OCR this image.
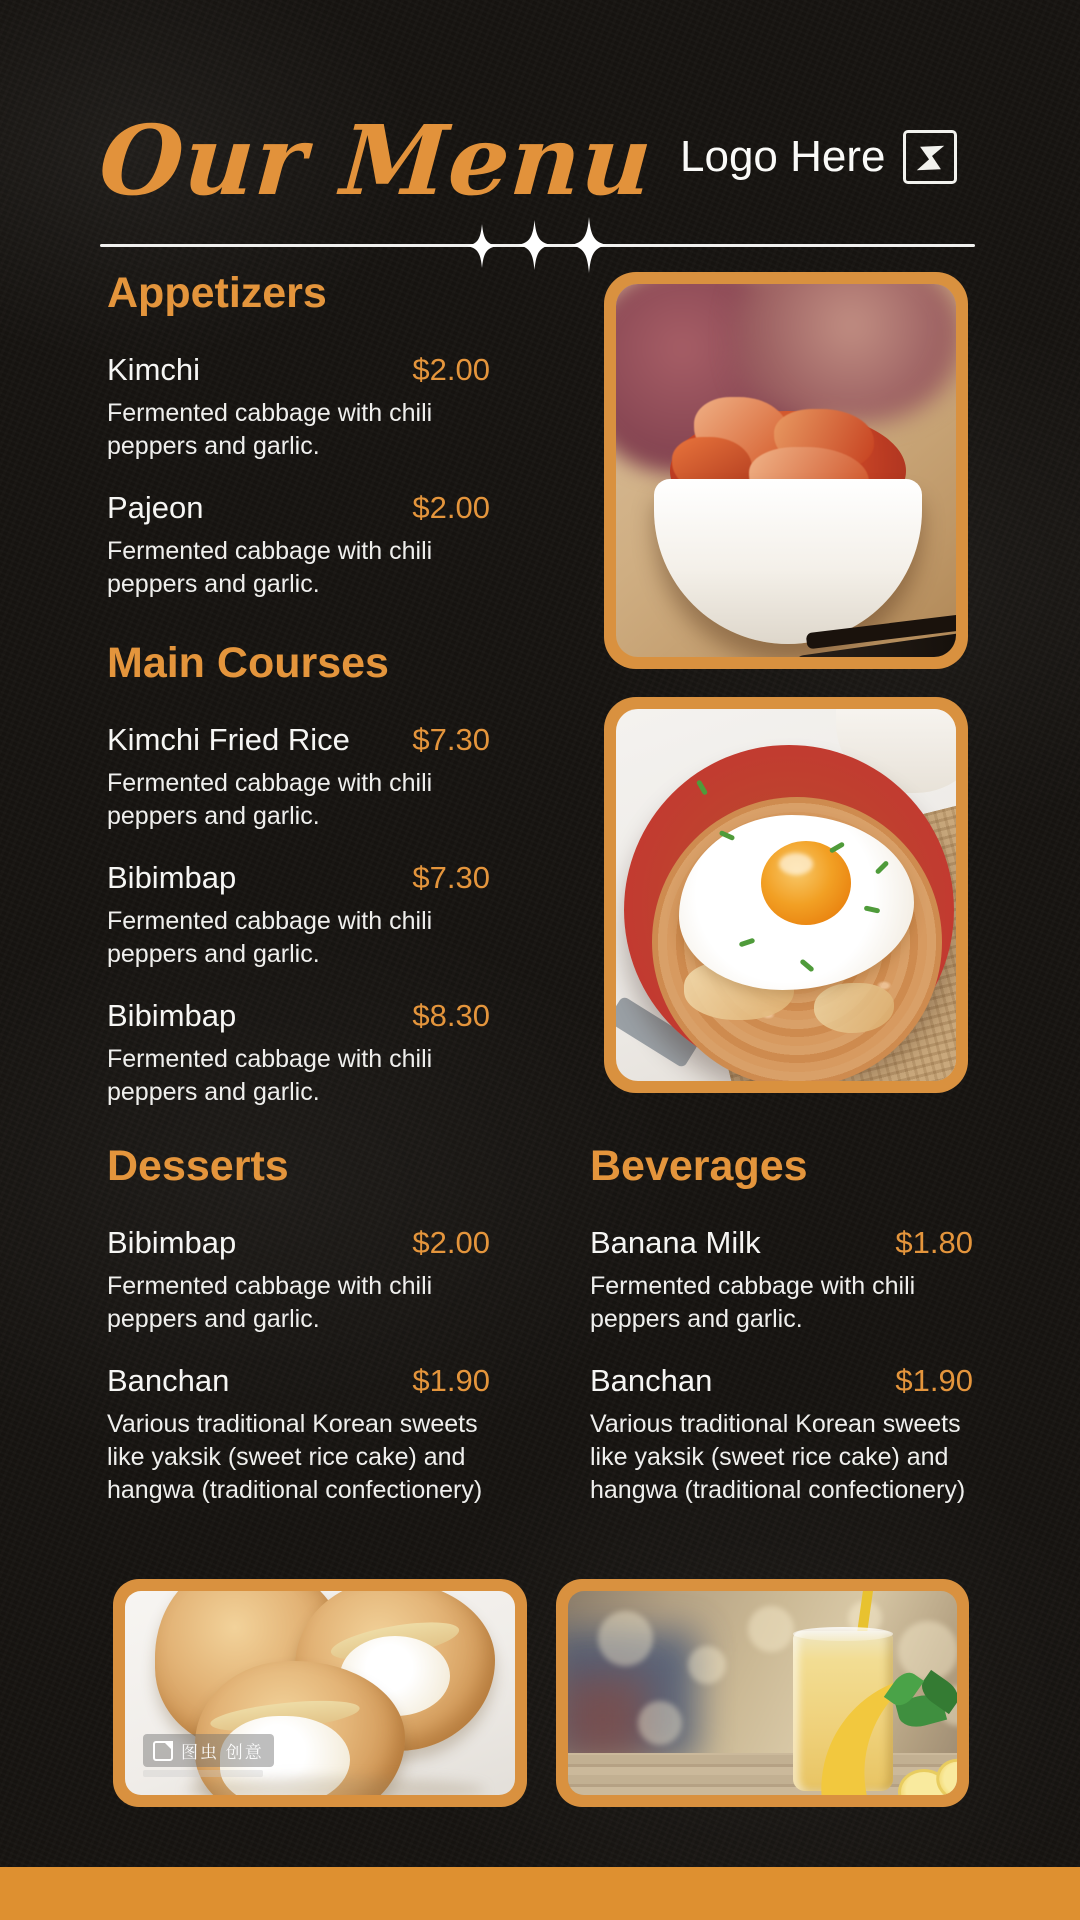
Our Menu Logo Here
Appetizers
Kimchi	$2.00

Fermented cabbage with chili peppers and garlic.

Pajeon	$2.00

Fermented cabbage with chili peppers and garlic.

Main Courses
Kimchi Fried Rice $7.30

Fermented cabbage with chili peppers and garlic.

Bibimbap	$7.30

Fermented cabbage with chili peppers and garlic.

Bibimbap	$8.30

Fermented cabbage with chili peppers and garlic.

Desserts
Bibimbap	$2.00

Fermented cabbage with chili peppers and garlic.

Banchan	$1.90

Various traditional Korean sweets like yaksik (sweet rice cake) and hangwa (traditional confectionery)

Beverages
Banana Milk	$1.80

Fermented cabbage with chili peppers and garlic.

Banchan	$1.90

Various traditional Korean sweets like yaksik (sweet rice cake) and hangwa (traditional confectionery)

图虫 创意
